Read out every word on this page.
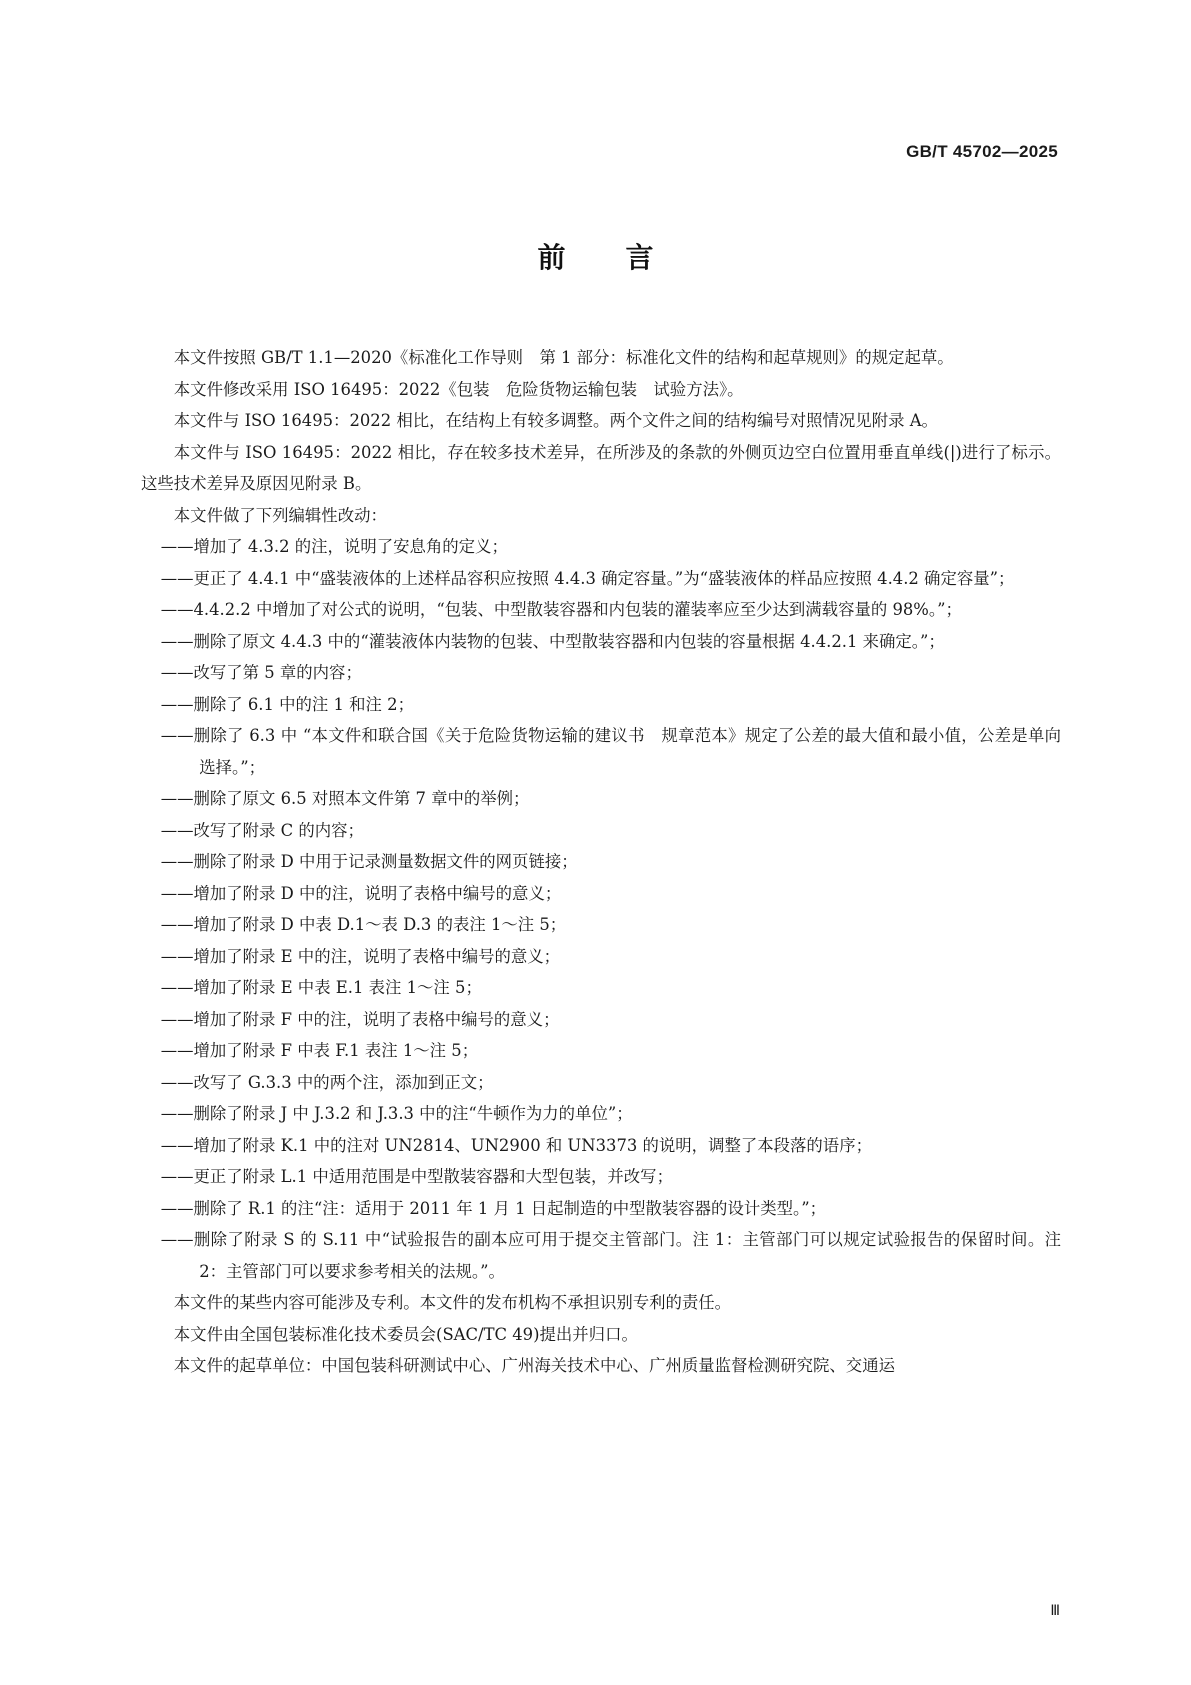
GB/T 45702—2025
前言

本文件按照 GB/T 1.1—2020《标准化工作导则　第 1 部分：标准化文件的结构和起草规则》的规定起草。

本文件修改采用 ISO 16495：2022《包装　危险货物运输包装　试验方法》。

本文件与 ISO 16495：2022 相比，在结构上有较多调整。两个文件之间的结构编号对照情况见附录 A。

本文件与 ISO 16495：2022 相比，存在较多技术差异，在所涉及的条款的外侧页边空白位置用垂直单线(|)进行了标示。这些技术差异及原因见附录 B。

本文件做了下列编辑性改动：

——增加了 4.3.2 的注，说明了安息角的定义；

——更正了 4.4.1 中“盛装液体的上述样品容积应按照 4.4.3 确定容量。”为“盛装液体的样品应按照 4.4.2 确定容量”；

——4.4.2.2 中增加了对公式的说明，“包装、中型散装容器和内包装的灌装率应至少达到满载容量的 98%。”；

——删除了原文 4.4.3 中的“灌装液体内装物的包装、中型散装容器和内包装的容量根据 4.4.2.1 来确定。”；

——改写了第 5 章的内容；

——删除了 6.1 中的注 1 和注 2；

——删除了 6.3 中 “本文件和联合国《关于危险货物运输的建议书　规章范本》规定了公差的最大值和最小值，公差是单向选择。”；

——删除了原文 6.5 对照本文件第 7 章中的举例；

——改写了附录 C 的内容；

——删除了附录 D 中用于记录测量数据文件的网页链接；

——增加了附录 D 中的注，说明了表格中编号的意义；

——增加了附录 D 中表 D.1～表 D.3 的表注 1～注 5；

——增加了附录 E 中的注，说明了表格中编号的意义；

——增加了附录 E 中表 E.1 表注 1～注 5；

——增加了附录 F 中的注，说明了表格中编号的意义；

——增加了附录 F 中表 F.1 表注 1～注 5；

——改写了 G.3.3 中的两个注，添加到正文；

——删除了附录 J 中 J.3.2 和 J.3.3 中的注“牛顿作为力的单位”；

——增加了附录 K.1 中的注对 UN2814、UN2900 和 UN3373 的说明，调整了本段落的语序；

——更正了附录 L.1 中适用范围是中型散装容器和大型包装，并改写；

——删除了 R.1 的注“注：适用于 2011 年 1 月 1 日起制造的中型散装容器的设计类型。”；

——删除了附录 S 的 S.11 中“试验报告的副本应可用于提交主管部门。注 1：主管部门可以规定试验报告的保留时间。注 2：主管部门可以要求参考相关的法规。”。

本文件的某些内容可能涉及专利。本文件的发布机构不承担识别专利的责任。

本文件由全国包装标准化技术委员会(SAC/TC 49)提出并归口。

本文件的起草单位：中国包装科研测试中心、广州海关技术中心、广州质量监督检测研究院、交通运

Ⅲ
